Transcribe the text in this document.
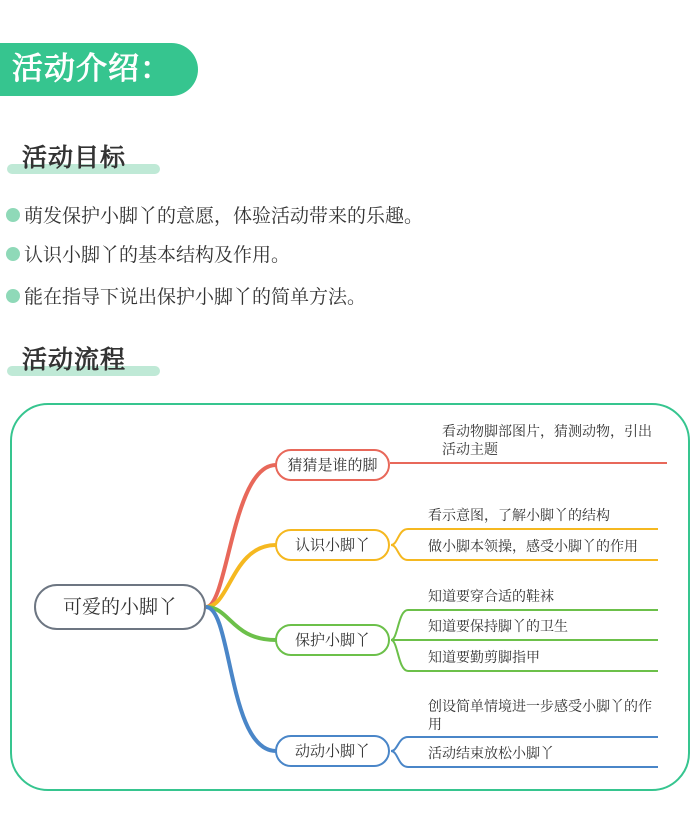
活动介绍：
活动目标
萌发保护小脚丫的意愿，体验活动带来的乐趣。
认识小脚丫的基本结构及作用。
能在指导下说出保护小脚丫的简单方法。
活动流程
可爱的小脚丫
猜猜是谁的脚
认识小脚丫
保护小脚丫
动动小脚丫
看动物脚部图片，猜测动物，引出活动主题
看示意图，了解小脚丫的结构
做小脚本领操，感受小脚丫的作用
知道要穿合适的鞋袜
知道要保持脚丫的卫生
知道要勤剪脚指甲
创设简单情境进一步感受小脚丫的作用
活动结束放松小脚丫
